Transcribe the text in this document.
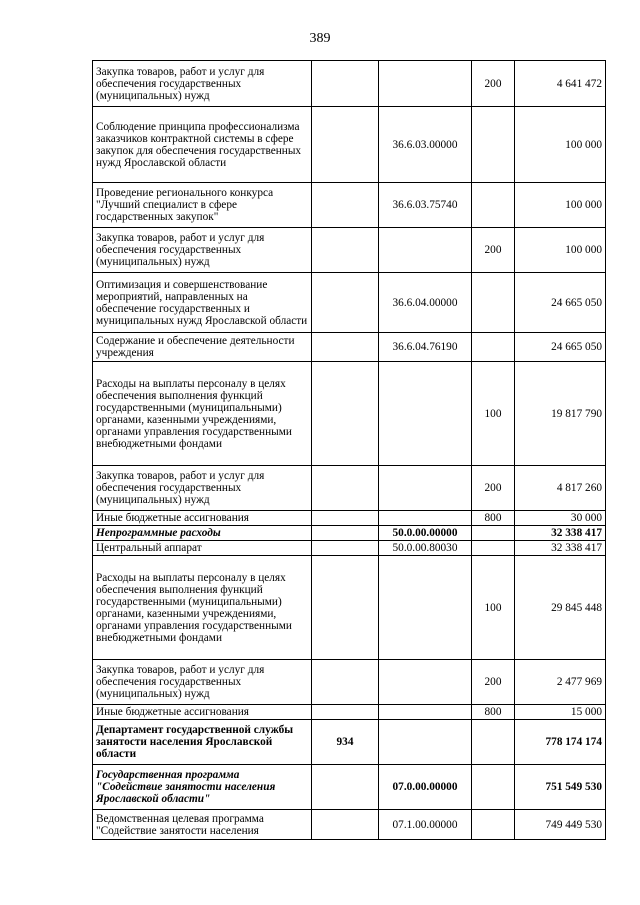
389
Закупка товаров, работ и услуг для обеспечения государственных (муниципальных) нужд			200	4 641 472
Соблюдение принципа профессионализма заказчиков контрактной системы в сфере закупок для обеспечения государственных нужд Ярославской области		36.6.03.00000		100 000
Проведение регионального конкурса "Лучший специалист в сфере госдарственных закупок"		36.6.03.75740		100 000
Закупка товаров, работ и услуг для обеспечения государственных (муниципальных) нужд			200	100 000
Оптимизация и совершенствование мероприятий, направленных на обеспечение государственных и муниципальных нужд Ярославской области		36.6.04.00000		24 665 050
Содержание и обеспечение деятельности учреждения		36.6.04.76190		24 665 050
Расходы на выплаты персоналу в целях обеспечения выполнения функций государственными (муниципальными) органами, казенными учреждениями, органами управления государственными внебюджетными фондами			100	19 817 790
Закупка товаров, работ и услуг для обеспечения государственных (муниципальных) нужд			200	4 817 260
Иные бюджетные ассигнования			800	30 000
Непрограммные расходы		50.0.00.00000		32 338 417
Центральный аппарат		50.0.00.80030		32 338 417
Расходы на выплаты персоналу в целях обеспечения выполнения функций государственными (муниципальными) органами, казенными учреждениями, органами управления государственными внебюджетными фондами			100	29 845 448
Закупка товаров, работ и услуг для обеспечения государственных (муниципальных) нужд			200	2 477 969
Иные бюджетные ассигнования			800	15 000
Департамент государственной службы занятости населения Ярославской области	934			778 174 174
Государственная программа "Содействие занятости населения Ярославской области"		07.0.00.00000		751 549 530
Ведомственная целевая программа "Содействие занятости населения		07.1.00.00000		749 449 530
